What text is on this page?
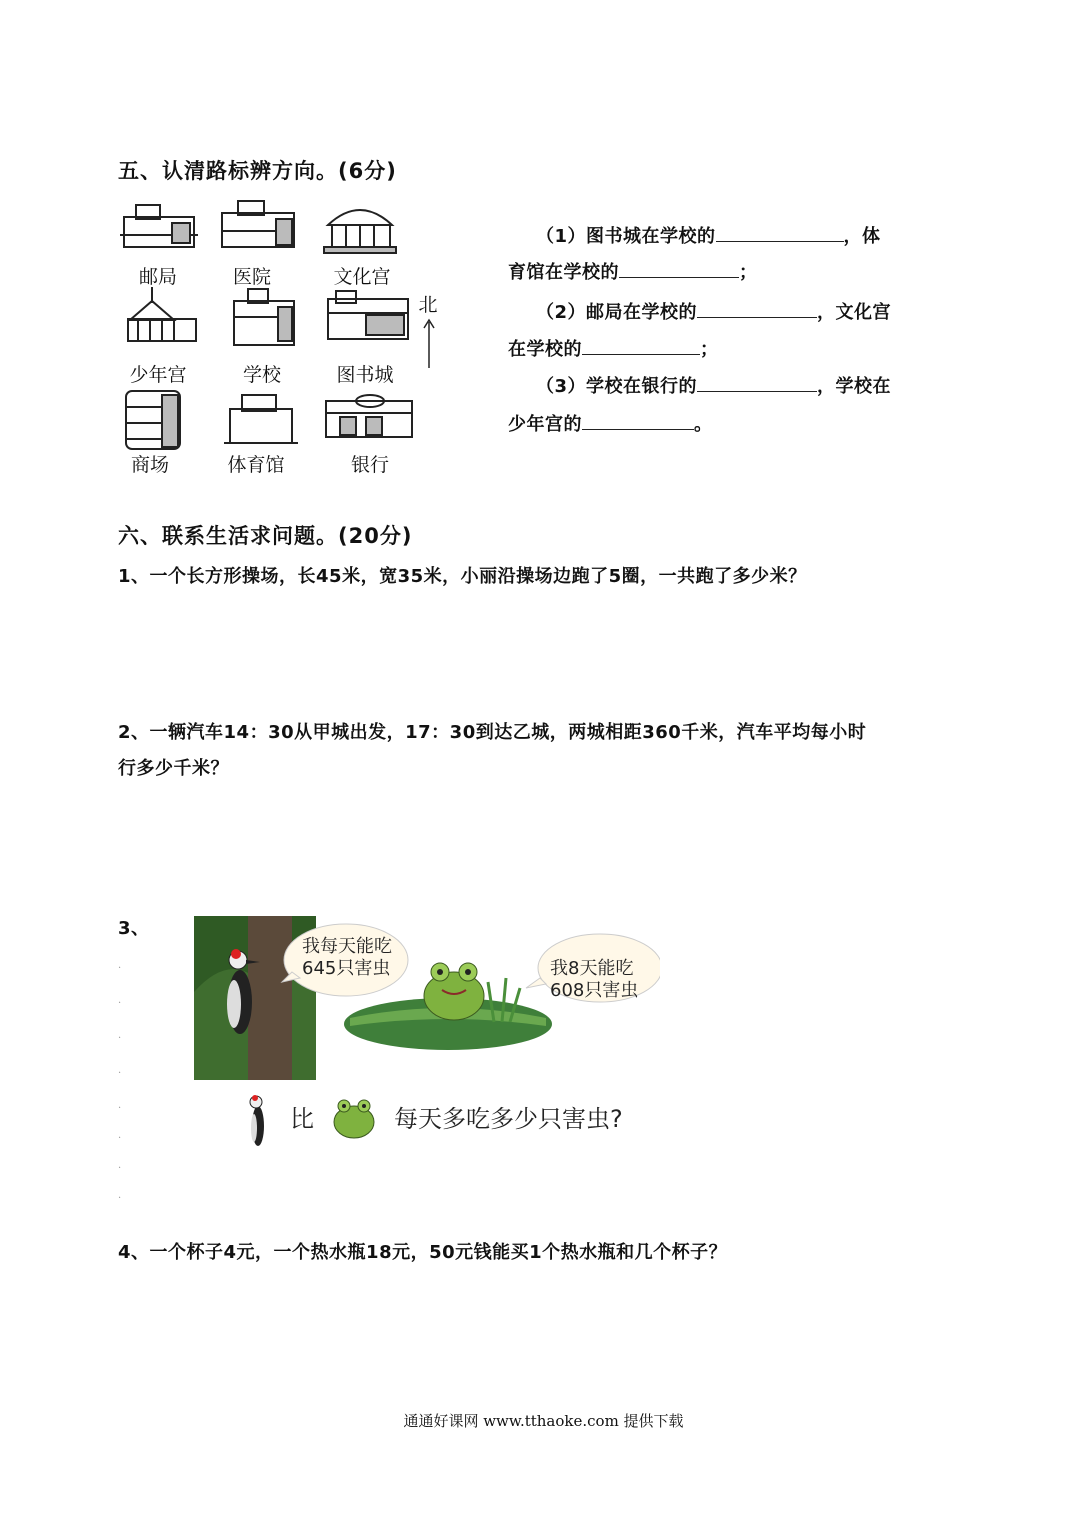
五、认清路标辨方向。(6分)
邮局	医院	文化宫
少年宫	学校	图书城
商场	体育馆	银行
北
（1）图书城在学校的	，体
育馆在学校的	；
（2）邮局在学校的	，文化宫
在学校的	；
（3）学校在银行的	，学校在
少年宫的	。
六、联系生活求问题。(20分)
1、一个长方形操场，长45米，宽35米，小丽沿操场边跑了5圈，一共跑了多少米？
2、一辆汽车14：30从甲城出发，17：30到达乙城，两城相距360千米，汽车平均每小时
行多少千米？
3、
我每天能吃
645只害虫	我8天能吃
608只害虫
比	每天多吃多少只害虫?
.
.
.
.
.
.
.
.
4、一个杯子4元，一个热水瓶18元，50元钱能买1个热水瓶和几个杯子？
通通好课网 www.tthaoke.com 提供下载
